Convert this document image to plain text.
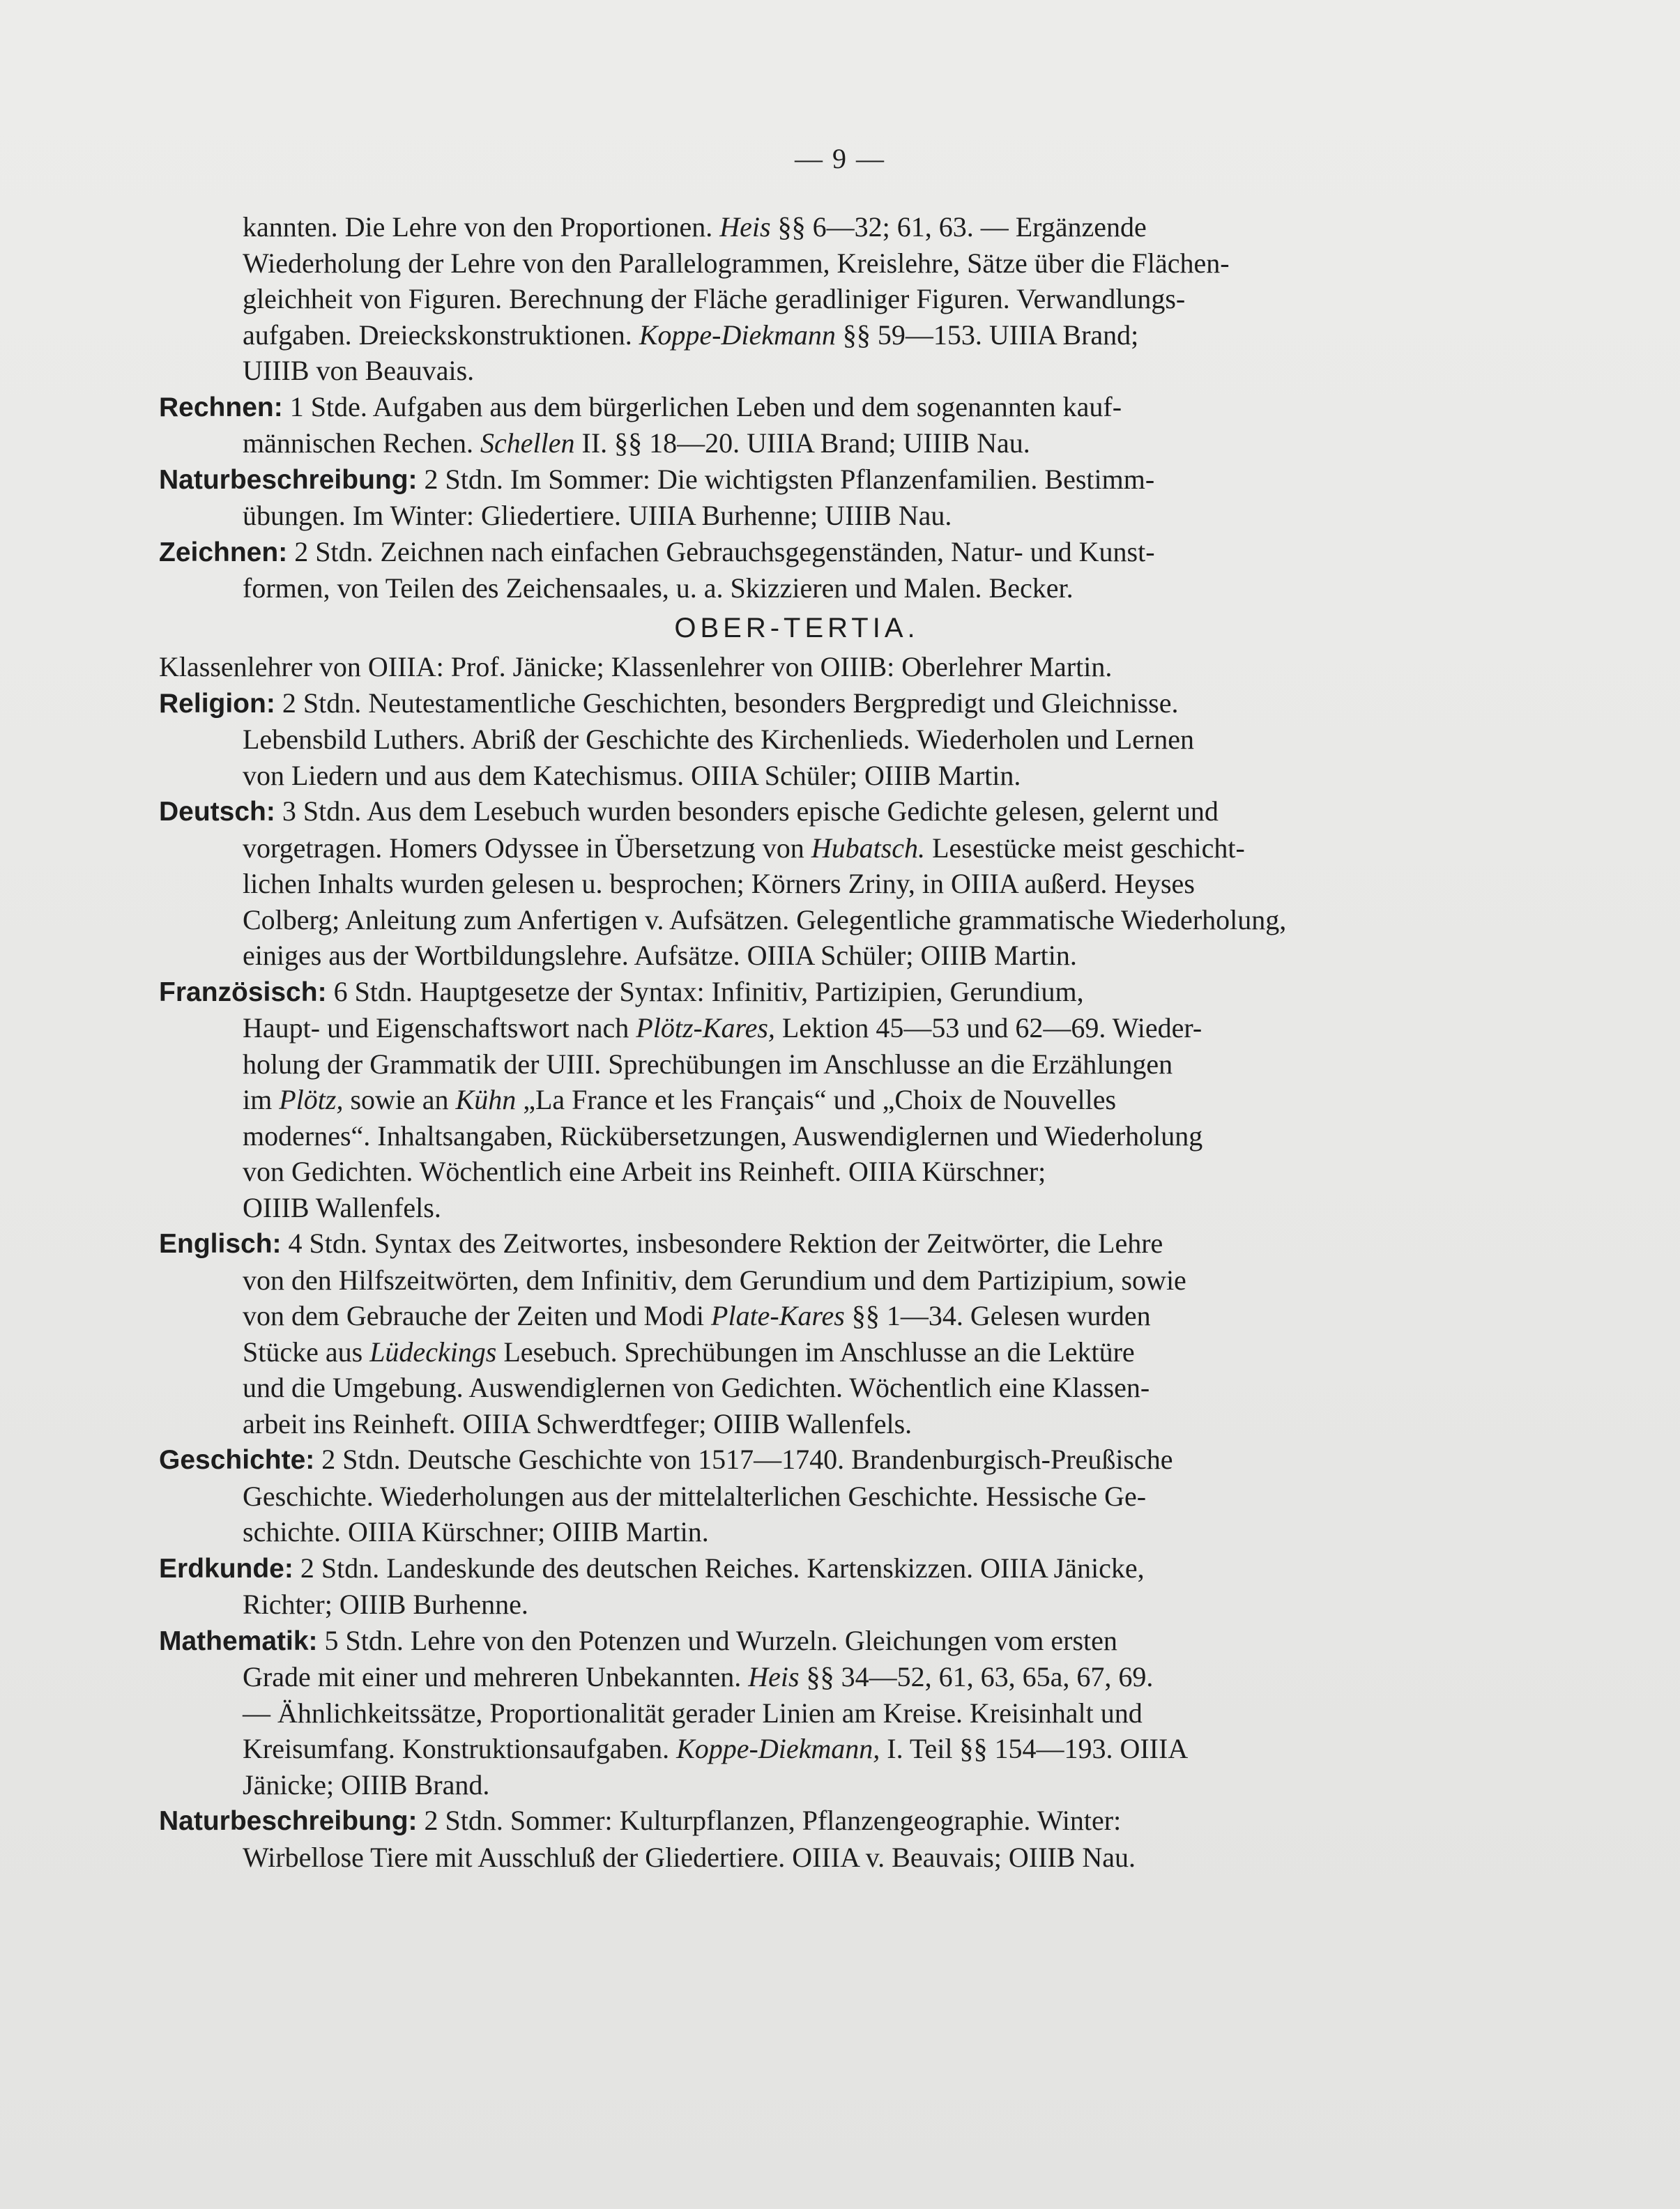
— 9 —
kannten. Die Lehre von den Proportionen. Heis §§ 6—32; 61, 63. — Ergänzende
Wiederholung der Lehre von den Parallelogrammen, Kreislehre, Sätze über die Flächen-
gleichheit von Figuren. Berechnung der Fläche geradliniger Figuren. Verwandlungs-
aufgaben. Dreieckskonstruktionen. Koppe-Diekmann §§ 59—153. UIIIA Brand;
UIIIB von Beauvais.
Rechnen: 1 Stde. Aufgaben aus dem bürgerlichen Leben und dem sogenannten kauf-
männischen Rechen. Schellen II. §§ 18—20. UIIIA Brand; UIIIB Nau.
Naturbeschreibung: 2 Stdn. Im Sommer: Die wichtigsten Pflanzenfamilien. Bestimm-
übungen. Im Winter: Gliedertiere. UIIIA Burhenne; UIIIB Nau.
Zeichnen: 2 Stdn. Zeichnen nach einfachen Gebrauchsgegenständen, Natur- und Kunst-
formen, von Teilen des Zeichensaales, u. a. Skizzieren und Malen. Becker.
OBER-TERTIA.
Klassenlehrer von OIIIA: Prof. Jänicke; Klassenlehrer von OIIIB: Oberlehrer Martin.
Religion: 2 Stdn. Neutestamentliche Geschichten, besonders Bergpredigt und Gleichnisse.
Lebensbild Luthers. Abriß der Geschichte des Kirchenlieds. Wiederholen und Lernen
von Liedern und aus dem Katechismus. OIIIA Schüler; OIIIB Martin.
Deutsch: 3 Stdn. Aus dem Lesebuch wurden besonders epische Gedichte gelesen, gelernt und
vorgetragen. Homers Odyssee in Übersetzung von Hubatsch. Lesestücke meist geschicht-
lichen Inhalts wurden gelesen u. besprochen; Körners Zriny, in OIIIA außerd. Heyses
Colberg; Anleitung zum Anfertigen v. Aufsätzen. Gelegentliche grammatische Wiederholung,
einiges aus der Wortbildungslehre. Aufsätze. OIIIA Schüler; OIIIB Martin.
Französisch: 6 Stdn. Hauptgesetze der Syntax: Infinitiv, Partizipien, Gerundium,
Haupt- und Eigenschaftswort nach Plötz-Kares, Lektion 45—53 und 62—69. Wieder-
holung der Grammatik der UIII. Sprechübungen im Anschlusse an die Erzählungen
im Plötz, sowie an Kühn „La France et les Français“ und „Choix de Nouvelles
modernes“. Inhaltsangaben, Rückübersetzungen, Auswendiglernen und Wiederholung
von Gedichten. Wöchentlich eine Arbeit ins Reinheft. OIIIA Kürschner;
OIIIB Wallenfels.
Englisch: 4 Stdn. Syntax des Zeitwortes, insbesondere Rektion der Zeitwörter, die Lehre
von den Hilfszeitwörten, dem Infinitiv, dem Gerundium und dem Partizipium, sowie
von dem Gebrauche der Zeiten und Modi Plate-Kares §§ 1—34. Gelesen wurden
Stücke aus Lüdeckings Lesebuch. Sprechübungen im Anschlusse an die Lektüre
und die Umgebung. Auswendiglernen von Gedichten. Wöchentlich eine Klassen-
arbeit ins Reinheft. OIIIA Schwerdtfeger; OIIIB Wallenfels.
Geschichte: 2 Stdn. Deutsche Geschichte von 1517—1740. Brandenburgisch-Preußische
Geschichte. Wiederholungen aus der mittelalterlichen Geschichte. Hessische Ge-
schichte. OIIIA Kürschner; OIIIB Martin.
Erdkunde: 2 Stdn. Landeskunde des deutschen Reiches. Kartenskizzen. OIIIA Jänicke,
Richter; OIIIB Burhenne.
Mathematik: 5 Stdn. Lehre von den Potenzen und Wurzeln. Gleichungen vom ersten
Grade mit einer und mehreren Unbekannten. Heis §§ 34—52, 61, 63, 65a, 67, 69.
— Ähnlichkeitssätze, Proportionalität gerader Linien am Kreise. Kreisinhalt und
Kreisumfang. Konstruktionsaufgaben. Koppe-Diekmann, I. Teil §§ 154—193. OIIIA
Jänicke; OIIIB Brand.
Naturbeschreibung: 2 Stdn. Sommer: Kulturpflanzen, Pflanzengeographie. Winter:
Wirbellose Tiere mit Ausschluß der Gliedertiere. OIIIA v. Beauvais; OIIIB Nau.
